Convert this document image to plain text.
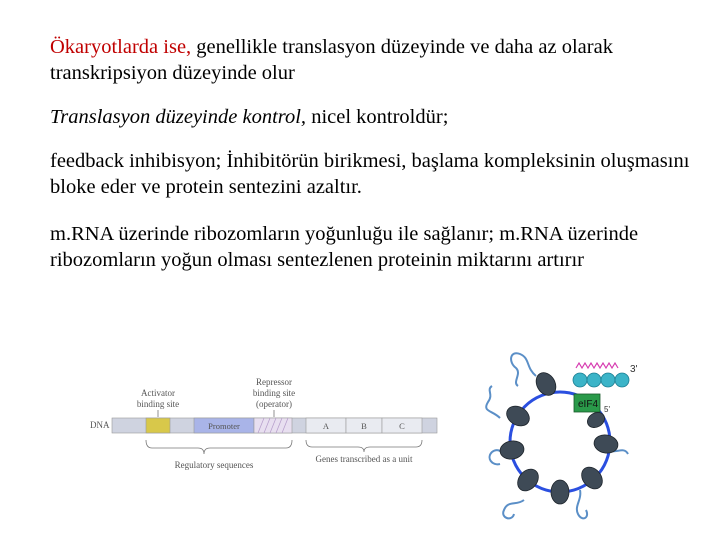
Ökaryotlarda ise, genellikle translasyon düzeyinde ve daha az olarak transkripsiyon düzeyinde olur

Translasyon düzeyinde kontrol, nicel kontroldür;

feedback inhibisyon; İnhibitörün birikmesi, başlama kompleksinin oluşmasını bloke eder ve protein sentezini azaltır.

m.RNA üzerinde ribozomların yoğunluğu ile sağlanır; m.RNA üzerinde ribozomların yoğun olması sentezlenen proteinin miktarını artırır

Activator
binding site
Repressor
binding site
(operator)
DNA	Promoter	A	B	C
Regulatory sequences
Genes transcribed as a unit
3'
eIF4 5'
